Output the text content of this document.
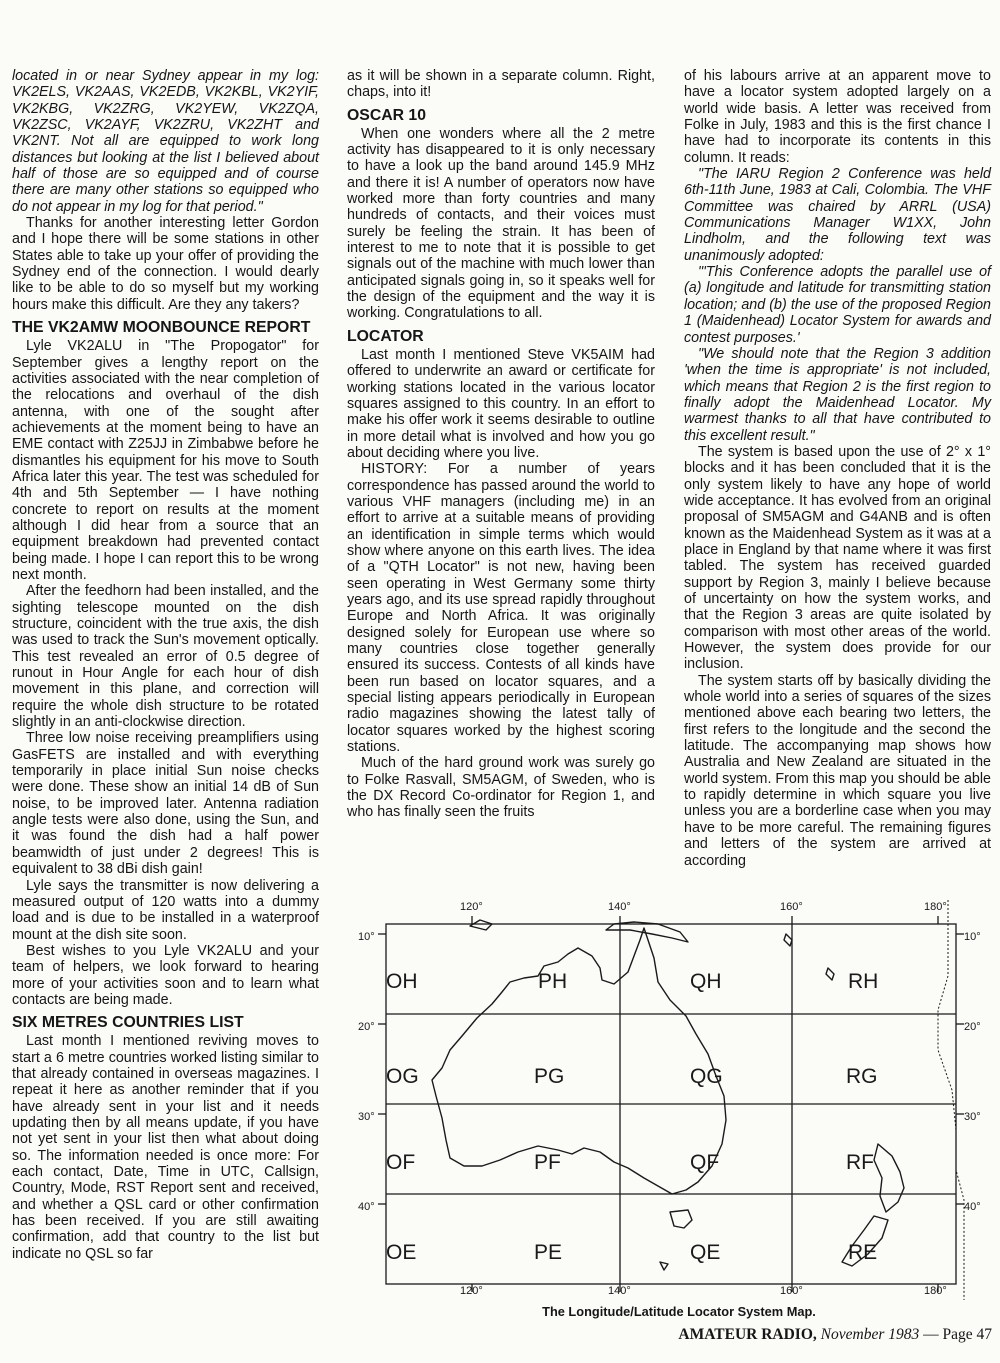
located in or near Sydney appear in my log: VK2ELS, VK2AAS, VK2EDB, VK2KBL, VK2YIF, VK2KBG, VK2ZRG, VK2YEW, VK2ZQA, VK2ZSC, VK2AYF, VK2ZRU, VK2ZHT and VK2NT. Not all are equipped to work long distances but looking at the list I believed about half of those are so equipped and of course there are many other stations so equipped who do not appear in my log for that period."

Thanks for another interesting letter Gordon and I hope there will be some stations in other States able to take up your offer of providing the Sydney end of the connection. I would dearly like to be able to do so myself but my working hours make this difficult. Are they any takers?

THE VK2AMW MOONBOUNCE REPORT

Lyle VK2ALU in "The Propogator" for September gives a lengthy report on the activities associated with the near completion of the relocations and overhaul of the dish antenna, with one of the sought after achievements at the moment being to have an EME contact with Z25JJ in Zimbabwe before he dismantles his equipment for his move to South Africa later this year. The test was scheduled for 4th and 5th September — I have nothing concrete to report on results at the moment although I did hear from a source that an equipment breakdown had prevented contact being made. I hope I can report this to be wrong next month.

After the feedhorn had been installed, and the sighting telescope mounted on the dish structure, coincident with the true axis, the dish was used to track the Sun's movement optically. This test revealed an error of 0.5 degree of runout in Hour Angle for each hour of dish movement in this plane, and correction will require the whole dish structure to be rotated slightly in an anti-clockwise direction.

Three low noise receiving preamplifiers using GasFETS are installed and with everything temporarily in place initial Sun noise checks were done. These show an initial 14 dB of Sun noise, to be improved later. Antenna radiation angle tests were also done, using the Sun, and it was found the dish had a half power beamwidth of just under 2 degrees! This is equivalent to 38 dBi dish gain!

Lyle says the transmitter is now delivering a measured output of 120 watts into a dummy load and is due to be installed in a waterproof mount at the dish site soon.

Best wishes to you Lyle VK2ALU and your team of helpers, we look forward to hearing more of your activities soon and to learn what contacts are being made.

SIX METRES COUNTRIES LIST

Last month I mentioned reviving moves to start a 6 metre countries worked listing similar to that already contained in overseas magazines. I repeat it here as another reminder that if you have already sent in your list and it needs updating then by all means update, if you have not yet sent in your list then what about doing so. The information needed is once more: For each contact, Date, Time in UTC, Callsign, Country, Mode, RST Report sent and received, and whether a QSL card or other confirmation has been received. If you are still awaiting confirmation, add that country to the list but indicate no QSL so far

as it will be shown in a separate column. Right, chaps, into it!

OSCAR 10

When one wonders where all the 2 metre activity has disappeared to it is only necessary to have a look up the band around 145.9 MHz and there it is! A number of operators now have worked more than forty countries and many hundreds of contacts, and their voices must surely be feeling the strain. It has been of interest to me to note that it is possible to get signals out of the machine with much lower than anticipated signals going in, so it speaks well for the design of the equipment and the way it is working. Congratulations to all.

LOCATOR

Last month I mentioned Steve VK5AIM had offered to underwrite an award or certificate for working stations located in the various locator squares assigned to this country. In an effort to make his offer work it seems desirable to outline in more detail what is involved and how you go about deciding where you live.

HISTORY: For a number of years correspondence has passed around the world to various VHF managers (including me) in an effort to arrive at a suitable means of providing an identification in simple terms which would show where anyone on this earth lives. The idea of a "QTH Locator" is not new, having been seen operating in West Germany some thirty years ago, and its use spread rapidly throughout Europe and North Africa. It was originally designed solely for European use where so many countries close together generally ensured its success. Contests of all kinds have been run based on locator squares, and a special listing appears periodically in European radio magazines showing the latest tally of locator squares worked by the highest scoring stations.

Much of the hard ground work was surely go to Folke Rasvall, SM5AGM, of Sweden, who is the DX Record Co-ordinator for Region 1, and who has finally seen the fruits

of his labours arrive at an apparent move to have a locator system adopted largely on a world wide basis. A letter was received from Folke in July, 1983 and this is the first chance I have had to incorporate its contents in this column. It reads:

"The IARU Region 2 Conference was held 6th-11th June, 1983 at Cali, Colombia. The VHF Committee was chaired by ARRL (USA) Communications Manager W1XX, John Lindholm, and the following text was unanimously adopted:

"'This Conference adopts the parallel use of (a) longitude and latitude for transmitting station location; and (b) the use of the proposed Region 1 (Maidenhead) Locator System for awards and contest purposes.'

"We should note that the Region 3 addition 'when the time is appropriate' is not included, which means that Region 2 is the first region to finally adopt the Maidenhead Locator. My warmest thanks to all that have contributed to this excellent result."

The system is based upon the use of 2° x 1° blocks and it has been concluded that it is the only system likely to have any hope of world wide acceptance. It has evolved from an original proposal of SM5AGM and G4ANB and is often known as the Maidenhead System as it was at a place in England by that name where it was first tabled. The system has received guarded support by Region 3, mainly I believe because of uncertainty on how the system works, and that the Region 3 areas are quite isolated by comparison with most other areas of the world. However, the system does provide for our inclusion.

The system starts off by basically dividing the whole world into a series of squares of the sizes mentioned above each bearing two letters, the first refers to the longitude and the second the latitude. The accompanying map shows how Australia and New Zealand are situated in the world system. From this map you should be able to rapidly determine in which square you live unless you are a borderline case when you may have to be more careful. The remaining figures and letters of the system are arrived at according

120°	140°	160°	180°
120°	140°	160°	180°
10°
20°
30°
40°
10°
20°
30°
40°
OH	PH	QH	RH
OG	PG	QG	RG
OF	PF	QF	RF
OE	PE	QE	RE

The Longitude/Latitude Locator System Map.

AMATEUR RADIO, November 1983 — Page 47
